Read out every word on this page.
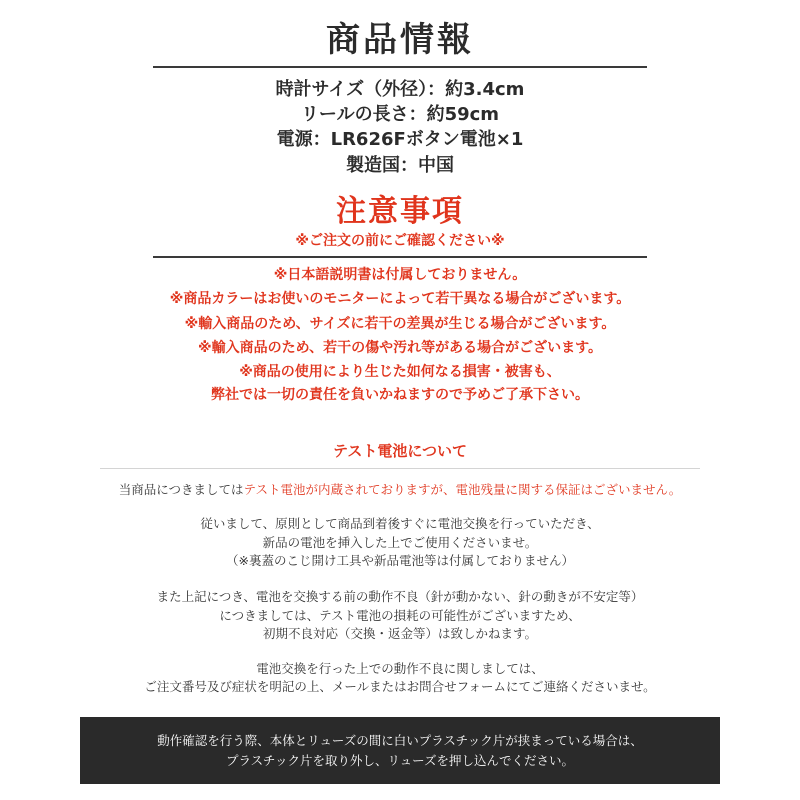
商品情報
時計サイズ（外径）：約3.4cm
リールの長さ：約59cm
電源：LR626Fボタン電池×1
製造国：中国
注意事項
※ご注文の前にご確認ください※
※日本語説明書は付属しておりません。
※商品カラーはお使いのモニターによって若干異なる場合がございます。
※輸入商品のため、サイズに若干の差異が生じる場合がございます。
※輸入商品のため、若干の傷や汚れ等がある場合がございます。
※商品の使用により生じた如何なる損害・被害も、
弊社では一切の責任を負いかねますので予めご了承下さい。
テスト電池について
当商品につきましてはテスト電池が内蔵されておりますが、電池残量に関する保証はございません。
従いまして、原則として商品到着後すぐに電池交換を行っていただき、
新品の電池を挿入した上でご使用くださいませ。
（※裏蓋のこじ開け工具や新品電池等は付属しておりません）
また上記につき、電池を交換する前の動作不良（針が動かない、針の動きが不安定等）
につきましては、テスト電池の損耗の可能性がございますため、
初期不良対応（交換・返金等）は致しかねます。
電池交換を行った上での動作不良に関しましては、
ご注文番号及び症状を明記の上、メールまたはお問合せフォームにてご連絡くださいませ。
動作確認を行う際、本体とリューズの間に白いプラスチック片が挟まっている場合は、
プラスチック片を取り外し、リューズを押し込んでください。
